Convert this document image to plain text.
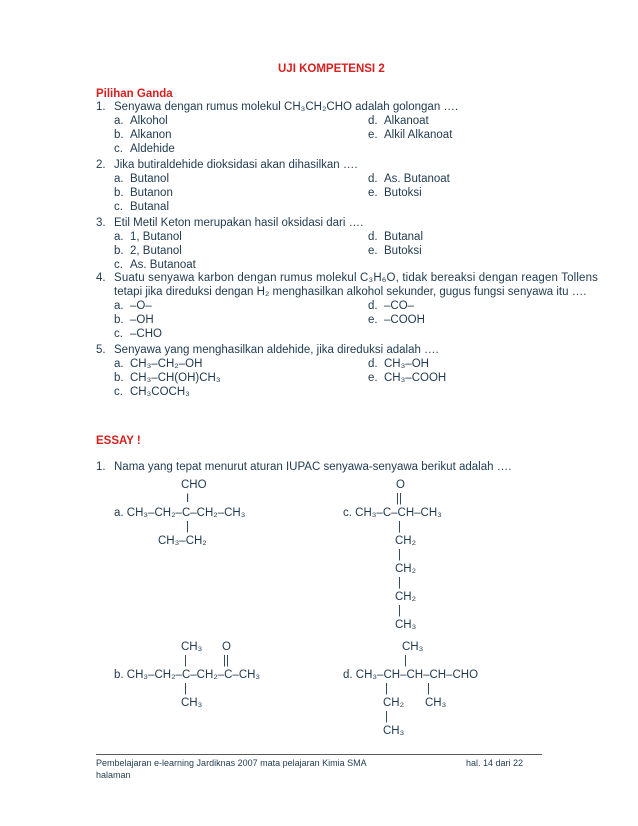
UJI KOMPETENSI 2
Pilihan Ganda
1. Senyawa dengan rumus molekul CH₃CH₂CHO adalah golongan ….
a. Alkohol
b. Alkanon
c. Aldehide
d. Alkanoat
e. Alkil Alkanoat
2. Jika butiraldehide dioksidasi akan dihasilkan ….
a. Butanol
b. Butanon
c. Butanal
d. As. Butanoat
e. Butoksi
3. Etil Metil Keton merupakan hasil oksidasi dari ….
a. 1, Butanol
b. 2, Butanol
c. As. Butanoat
d. Butanal
e. Butoksi
4. Suatu senyawa karbon dengan rumus molekul C₃H₆O, tidak bereaksi dengan reagen Tollens
tetapi jika direduksi dengan H₂ menghasilkan alkohol sekunder, gugus fungsi senyawa itu ….
a. –O–
b. –OH
c. –CHO
d. –CO–
e. –COOH
5. Senyawa yang menghasilkan aldehide, jika direduksi adalah ….
a. CH₃–CH₂–OH
b. CH₃–CH(OH)CH₃
c. CH₃COCH₃
d. CH₃–OH
e. CH₃–COOH
ESSAY !
1. Nama yang tepat menurut aturan IUPAC senyawa-senyawa berikut adalah ….
CHO
I
a. CH₃–CH₂–C–CH₂–CH₃
|
CH₃–CH₂
O
||
c. CH₃–C–CH–CH₃
|
CH₂
|
CH₂
|
CH₂
|
CH₃
CH₃ O
|	||
b. CH₃–CH₂–C–CH₂–C–CH₃
|
CH₃
CH₃
|
d. CH₃–CH–CH–CH–CHO
|	|
CH₂ CH₃
|
CH₃
Pembelajaran e-learning Jardiknas 2007 mata pelajaran Kimia SMA
halaman
hal. 14 dari 22
